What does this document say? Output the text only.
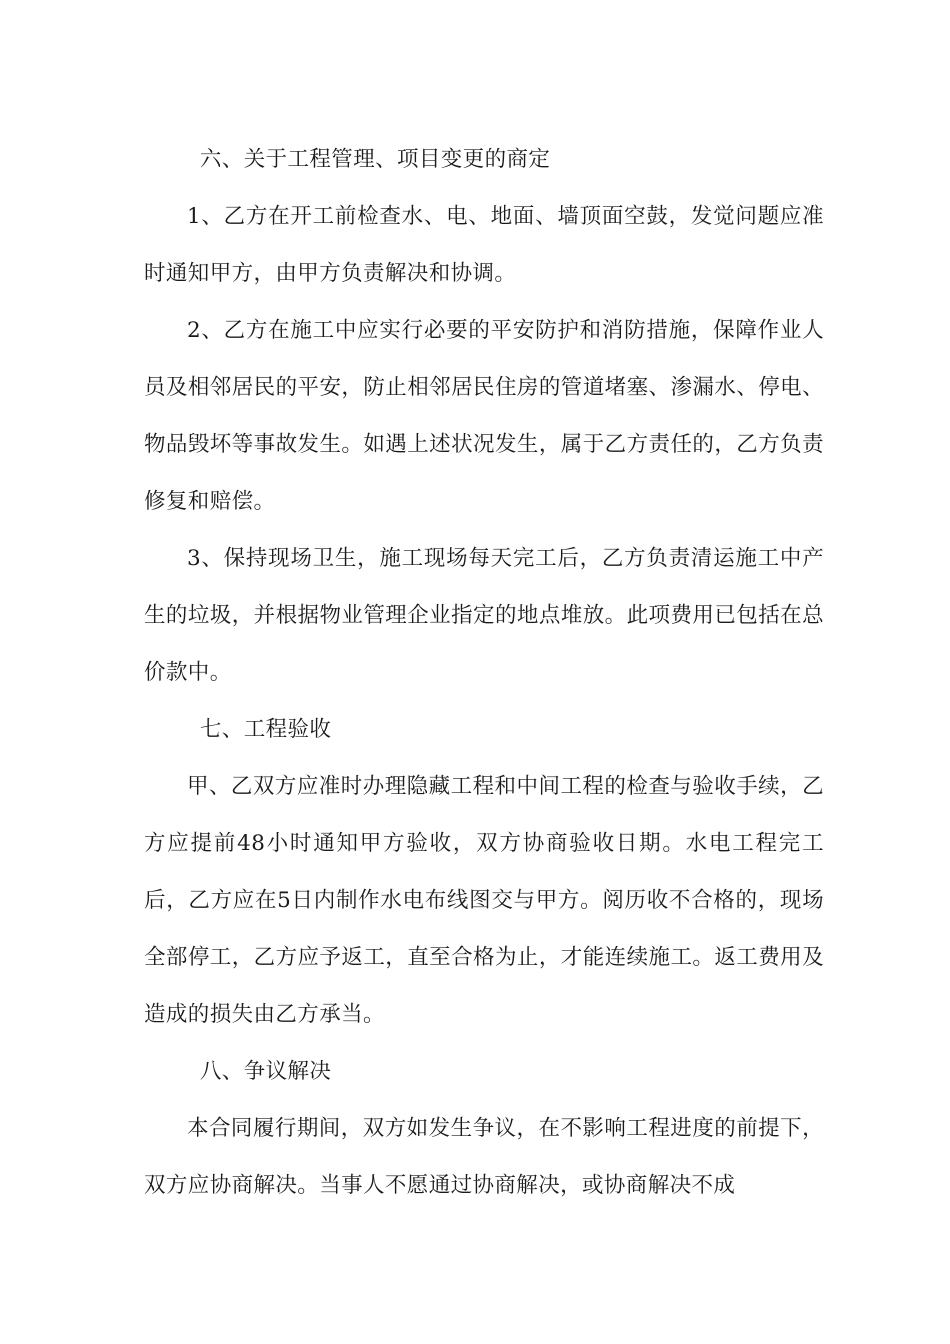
六、关于工程管理、项目变更的商定

1、乙方在开工前检查水、电、地面、墙顶面空鼓，发觉问题应准时通知甲方，由甲方负责解决和协调。

2、乙方在施工中应实行必要的平安防护和消防措施，保障作业人员及相邻居民的平安，防止相邻居民住房的管道堵塞、渗漏水、停电、物品毁坏等事故发生。如遇上述状况发生，属于乙方责任的，乙方负责修复和赔偿。

3、保持现场卫生，施工现场每天完工后，乙方负责清运施工中产生的垃圾，并根据物业管理企业指定的地点堆放。此项费用已包括在总价款中。

七、工程验收

甲、乙双方应准时办理隐藏工程和中间工程的检查与验收手续，乙方应提前48小时通知甲方验收，双方协商验收日期。水电工程完工后，乙方应在5日内制作水电布线图交与甲方。阅历收不合格的，现场全部停工，乙方应予返工，直至合格为止，才能连续施工。返工费用及造成的损失由乙方承当。

八、争议解决

本合同履行期间，双方如发生争议，在不影响工程进度的前提下，双方应协商解决。当事人不愿通过协商解决，或协商解决不成
